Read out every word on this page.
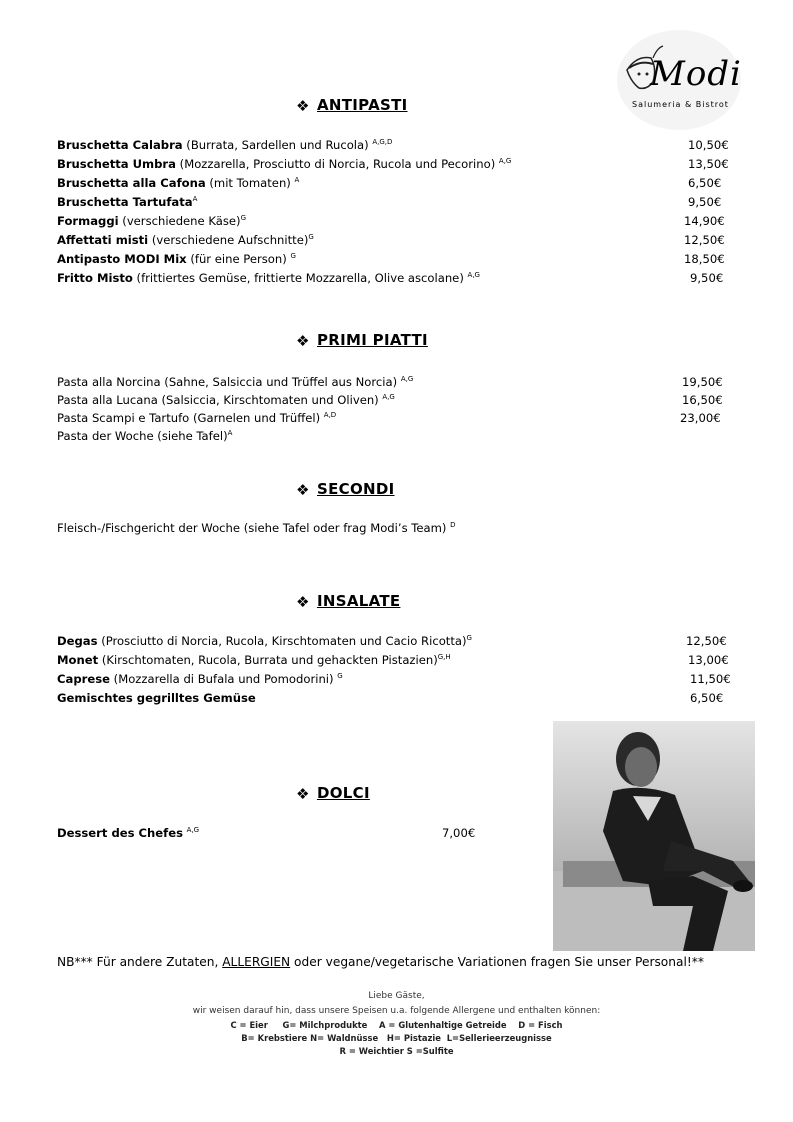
Modi
Salumeria & Bistrot
❖ ANTIPASTI
Bruschetta Calabra (Burrata, Sardellen und Rucola) $^{A,G,D}$	10,50€
Bruschetta Umbra (Mozzarella, Prosciutto di Norcia, Rucola und Pecorino) $^{A,G}$	13,50€
Bruschetta alla Cafona (mit Tomaten) $^A$	6,50€
Bruschetta Tartufata$^A$	9,50€
Formaggi (verschiedene Käse)$^G$	14,90€
Affettati misti (verschiedene Aufschnitte)$^G$	12,50€
Antipasto MODI Mix (für eine Person) $^G$	18,50€
Fritto Misto (frittiertes Gemüse, frittierte Mozzarella, Olive ascolane) $^{A,G}$	9,50€
❖ PRIMI PIATTI
Pasta alla Norcina (Sahne, Salsiccia und Trüffel aus Norcia) $^{A,G}$	19,50€
Pasta alla Lucana (Salsiccia, Kirschtomaten und Oliven) $^{A,G}$	16,50€
Pasta Scampi e Tartufo (Garnelen und Trüffel) $^{A,D}$	23,00€
Pasta der Woche (siehe Tafel)$^A$
❖ SECONDI
Fleisch-/Fischgericht der Woche (siehe Tafel oder frag Modi’s Team) $^D$
❖ INSALATE
Degas (Prosciutto di Norcia, Rucola, Kirschtomaten und Cacio Ricotta)$^G$	12,50€
Monet (Kirschtomaten, Rucola, Burrata und gehackten Pistazien)$^{G,H}$	13,00€
Caprese (Mozzarella di Bufala und Pomodorini) $^G$	11,50€
Gemischtes gegrilltes Gemüse	6,50€
❖ DOLCI
Dessert des Chefes $^{A,G}$	7,00€
NB*** Für andere Zutaten, ALLERGIEN oder vegane/vegetarische Variationen fragen Sie unser Personal!**
Liebe Gäste,
wir weisen darauf hin, dass unsere Speisen u.a. folgende Allergene und enthalten können:
C = Eier     G= Milchprodukte    A = Glutenhaltige Getreide    D = Fisch
B= Krebstiere N= Waldnüsse   H= Pistazie  L=Sellerieerzeugnisse
R = Weichtier S =Sulfite
